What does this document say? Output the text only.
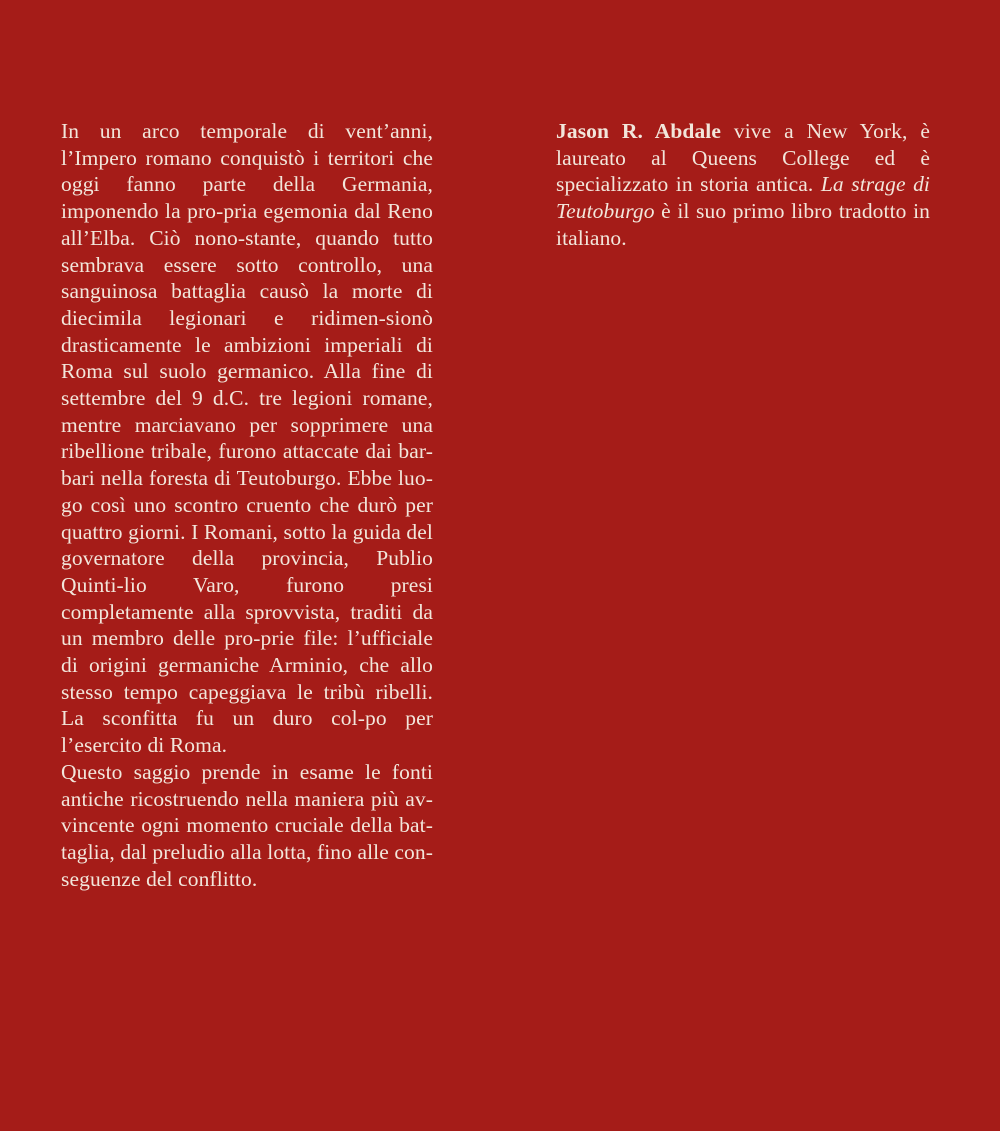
In un arco temporale di vent’anni, l’Impero romano conquistò i territori che oggi fanno parte della Germania, imponendo la pro-pria egemonia dal Reno all’Elba. Ciò nono-stante, quando tutto sembrava essere sotto controllo, una sanguinosa battaglia causò la morte di diecimila legionari e ridimen-sionò drasticamente le ambizioni imperiali di Roma sul suolo germanico. Alla fine di settembre del 9 d.C. tre legioni romane, mentre marciavano per sopprimere una ribellione tribale, furono attaccate dai bar-bari nella foresta di Teutoburgo. Ebbe luo-go così uno scontro cruento che durò per quattro giorni. I Romani, sotto la guida del governatore della provincia, Publio Quinti-lio Varo, furono presi completamente alla sprovvista, traditi da un membro delle pro-prie file: l’ufficiale di origini germaniche Arminio, che allo stesso tempo capeggiava le tribù ribelli. La sconfitta fu un duro col-po per l’esercito di Roma.

Questo saggio prende in esame le fonti antiche ricostruendo nella maniera più av-vincente ogni momento cruciale della bat-taglia, dal preludio alla lotta, fino alle con-seguenze del conflitto.

Jason R. Abdale vive a New York, è laureato al Queens College ed è specializzato in storia antica. La strage di Teutoburgo è il suo primo libro tradotto in italiano.
